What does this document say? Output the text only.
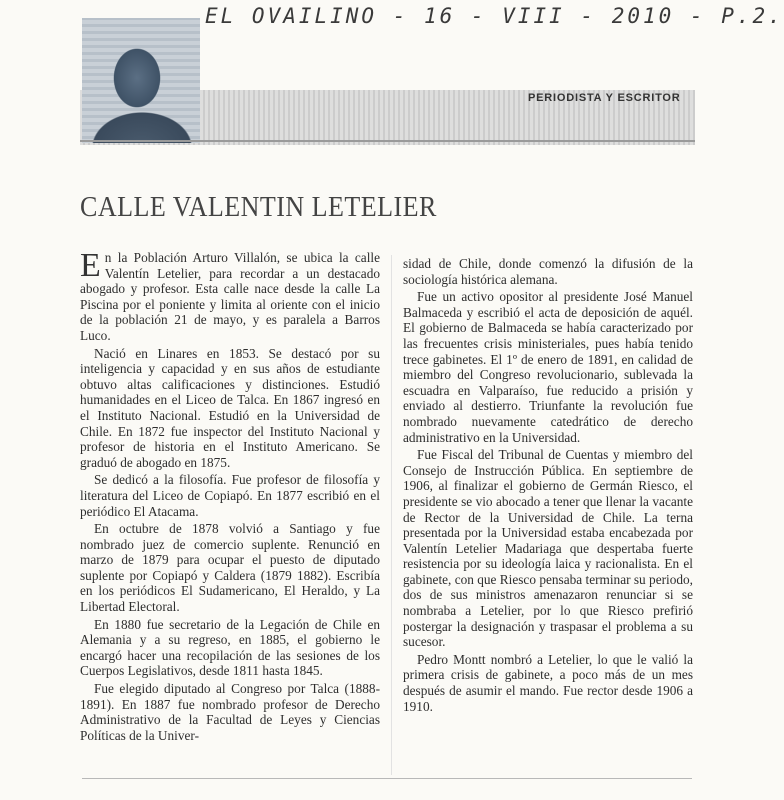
EL OVAILINO - 16 - VIII - 2010 - P.2.
PERIODISTA Y ESCRITOR
CALLE VALENTIN LETELIER

En la Población Arturo Villalón, se ubica la calle Valentín Letelier, para recordar a un destacado abogado y profesor. Esta calle nace desde la calle La Piscina por el poniente y limita al oriente con el inicio de la población 21 de mayo, y es paralela a Barros Luco.

Nació en Linares en 1853. Se destacó por su inteligencia y capacidad y en sus años de estudiante obtuvo altas calificaciones y distinciones. Estudió humanidades en el Liceo de Talca. En 1867 ingresó en el Instituto Nacional. Estudió en la Universidad de Chile. En 1872 fue inspector del Instituto Nacional y profesor de historia en el Instituto Americano. Se graduó de abogado en 1875.

Se dedicó a la filosofía. Fue profesor de filosofía y literatura del Liceo de Copiapó. En 1877 escribió en el periódico El Atacama.

En octubre de 1878 volvió a Santiago y fue nombrado juez de comercio suplente. Renunció en marzo de 1879 para ocupar el puesto de diputado suplente por Copiapó y Caldera (1879 1882). Escribía en los periódicos El Sudamericano, El Heraldo, y La Libertad Electoral.

En 1880 fue secretario de la Legación de Chile en Alemania y a su regreso, en 1885, el gobierno le encargó hacer una recopilación de las sesiones de los Cuerpos Legislativos, desde 1811 hasta 1845.

Fue elegido diputado al Congreso por Talca (1888-1891). En 1887 fue nombrado profesor de Derecho Administrativo de la Facultad de Leyes y Ciencias Políticas de la Univer-

sidad de Chile, donde comenzó la difusión de la sociología histórica alemana.

Fue un activo opositor al presidente José Manuel Balmaceda y escribió el acta de deposición de aquél. El gobierno de Balmaceda se había caracterizado por las frecuentes crisis ministeriales, pues había tenido trece gabinetes. El 1º de enero de 1891, en calidad de miembro del Congreso revolucionario, sublevada la escuadra en Valparaíso, fue reducido a prisión y enviado al destierro. Triunfante la revolución fue nombrado nuevamente catedrático de derecho administrativo en la Universidad.

Fue Fiscal del Tribunal de Cuentas y miembro del Consejo de Instrucción Pública. En septiembre de 1906, al finalizar el gobierno de Germán Riesco, el presidente se vio abocado a tener que llenar la vacante de Rector de la Universidad de Chile. La terna presentada por la Universidad estaba encabezada por Valentín Letelier Madariaga que despertaba fuerte resistencia por su ideología laica y racionalista. En el gabinete, con que Riesco pensaba terminar su periodo, dos de sus ministros amenazaron renunciar si se nombraba a Letelier, por lo que Riesco prefirió postergar la designación y traspasar el problema a su sucesor.

Pedro Montt nombró a Letelier, lo que le valió la primera crisis de gabinete, a poco más de un mes después de asumir el mando. Fue rector desde 1906 a 1910.
